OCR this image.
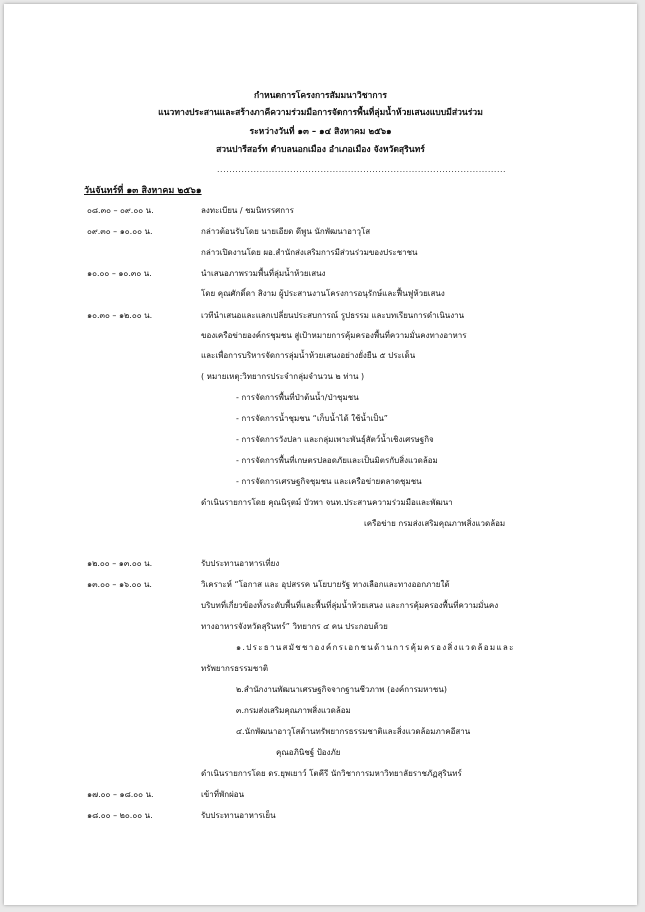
กำหนดการโครงการสัมมนาวิชาการ
แนวทางประสานและสร้างภาคีความร่วมมือการจัดการพื้นที่ลุ่มน้ำห้วยเสนงแบบมีส่วนร่วม
ระหว่างวันที่ ๑๓ – ๑๔ สิงหาคม ๒๕๖๑
สวนปารีสอร์ท ตำบลนอกเมือง อำเภอเมือง จังหวัดสุรินทร์
...............................................................................................
วันจันทร์ที่ ๑๓ สิงหาคม ๒๕๖๑
๐๘.๓๐ – ๐๙.๐๐ น.	ลงทะเบียน / ชมนิทรรศการ
๐๙.๓๐ – ๑๐.๐๐ น.	กล่าวต้อนรับโดย นายเอียด ดีพูน นักพัฒนาอาวุโส
กล่าวเปิดงานโดย ผอ.สำนักส่งเสริมการมีส่วนร่วมของประชาชน
๑๐.๐๐ – ๑๐.๓๐ น.	นำเสนอภาพรวมพื้นที่ลุ่มน้ำห้วยเสนง
โดย คุณศักดิ์ดา สิงาม ผู้ประสานงานโครงการอนุรักษ์และฟื้นฟูห้วยเสนง
๑๐.๓๐ – ๑๒.๐๐ น.	เวทีนำเสนอและแลกเปลี่ยนประสบการณ์ รูปธรรม และบทเรียนการดำเนินงาน
ของเครือข่ายองค์กรชุมชน สู่เป้าหมายการคุ้มครองพื้นที่ความมั่นคงทางอาหาร
และเพื่อการบริหารจัดการลุ่มน้ำห้วยเสนงอย่างยั่งยืน ๕ ประเด็น
( หมายเหตุ:วิทยากรประจำกลุ่มจำนวน ๒ ท่าน )
- การจัดการพื้นที่ป่าต้นน้ำ/ป่าชุมชน
- การจัดการน้ำชุมชน “เก็บน้ำได้ ใช้น้ำเป็น”
- การจัดการวังปลา และกลุ่มเพาะพันธุ์สัตว์น้ำเชิงเศรษฐกิจ
- การจัดการพื้นที่เกษตรปลอดภัยและเป็นมิตรกับสิ่งแวดล้อม
- การจัดการเศรษฐกิจชุมชน และเครือข่ายตลาดชุมชน
ดำเนินรายการโดย คุณนิรุตม์ บัวพา จนท.ประสานความร่วมมือและพัฒนา
เครือข่าย กรมส่งเสริมคุณภาพสิ่งแวดล้อม
๑๒.๐๐ – ๑๓.๐๐ น.	รับประทานอาหารเที่ยง
๑๓.๐๐ – ๑๖.๐๐ น.	วิเคราะห์ “โอกาส และ อุปสรรค นโยบายรัฐ ทางเลือกและทางออกภายใต้
บริบทที่เกี่ยวข้องทั้งระดับพื้นที่และพื้นที่ลุ่มน้ำห้วยเสนง และการคุ้มครองพื้นที่ความมั่นคง
ทางอาหารจังหวัดสุรินทร์” วิทยากร ๔ คน ประกอบด้วย
๑.ประธานสมัชชาองค์กรเอกชนด้านการคุ้มครองสิ่งแวดล้อมและ
ทรัพยากรธรรมชาติ
๒.สำนักงานพัฒนาเศรษฐกิจจากฐานชีวภาพ (องค์การมหาชน)
๓.กรมส่งเสริมคุณภาพสิ่งแวดล้อม
๔.นักพัฒนาอาวุโสด้านทรัพยากรธรรมชาติและสิ่งแวดล้อมภาคอีสาน
คุณอภินิชฐ์ ป้องภัย
ดำเนินรายการโดย ดร.ยุพเยาว์ โตคีรี นักวิชาการมหาวิทยาลัยราชภัฏสุรินทร์
๑๗.๐๐ – ๑๘.๐๐ น.	เข้าที่พักผ่อน
๑๘.๐๐ – ๒๐.๐๐ น.	รับประทานอาหารเย็น
